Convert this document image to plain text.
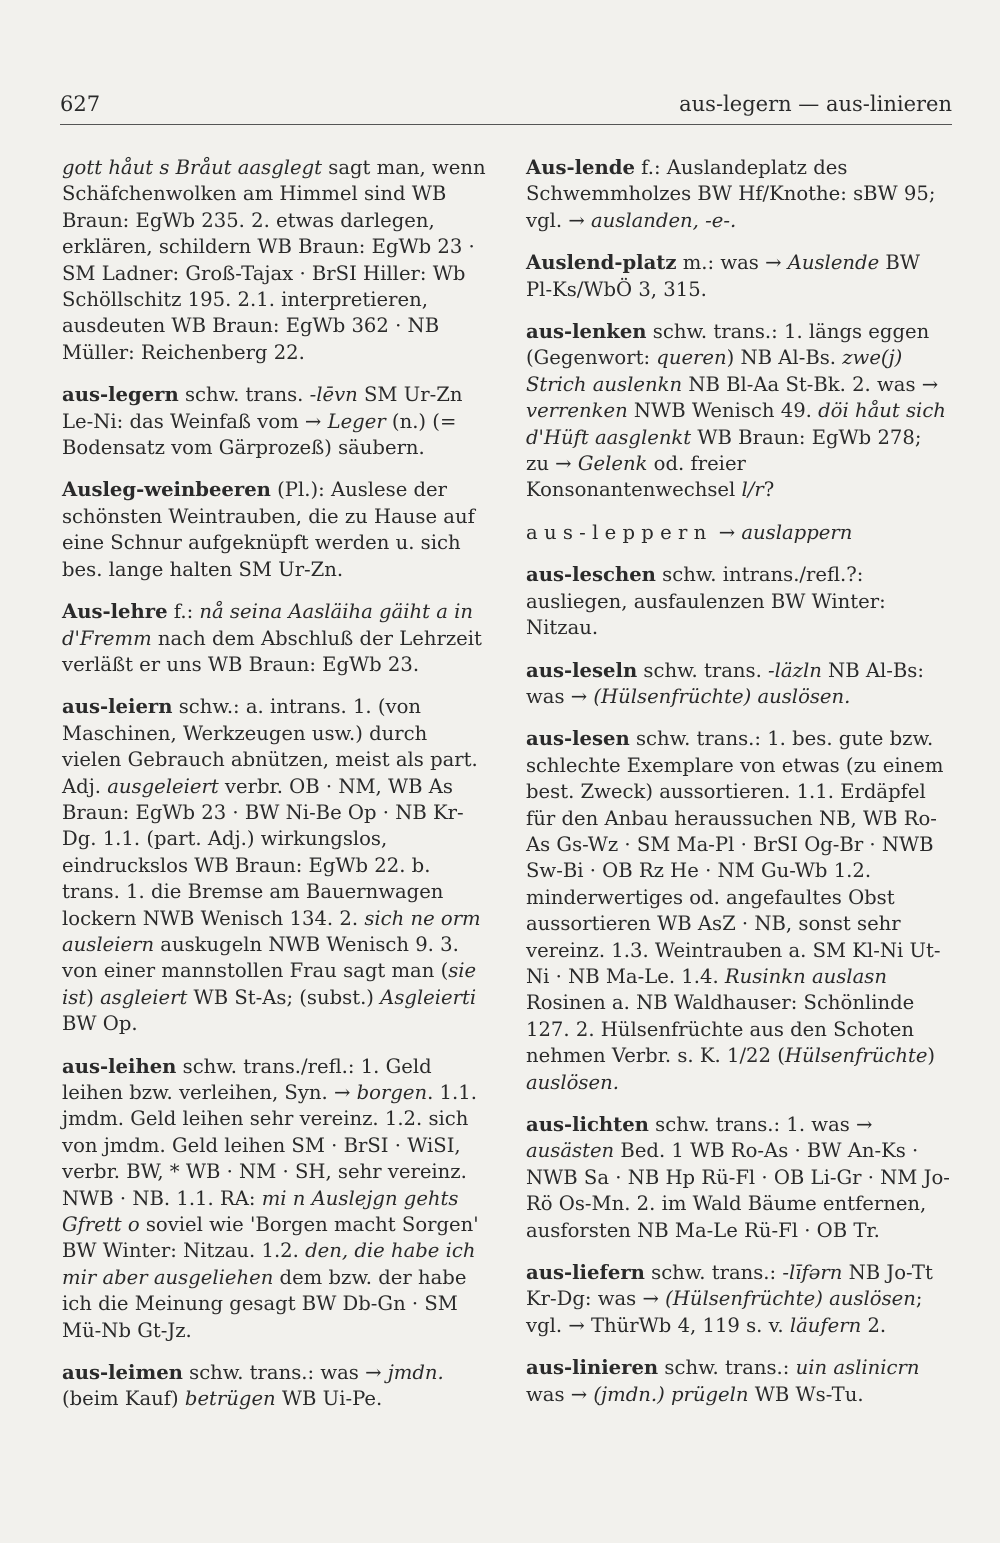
627	aus-legern — aus-linieren

gott håut s Bråut aasglegt sagt man, wenn Schäfchenwolken am Himmel sind WB Braun: EgWb 235. 2. etwas darlegen, erklären, schildern WB Braun: EgWb 23 · SM Ladner: Groß-Tajax · BrSI Hiller: Wb Schöllschitz 195. 2.1. interpretieren, ausdeuten WB Braun: EgWb 362 · NB Müller: Reichenberg 22.

aus-legern schw. trans. -lēvn SM Ur-Zn Le-Ni: das Weinfaß vom → Leger (n.) (= Bodensatz vom Gärprozeß) säubern.

Ausleg-weinbeeren (Pl.): Auslese der schönsten Weintrauben, die zu Hause auf eine Schnur aufgeknüpft werden u. sich bes. lange halten SM Ur-Zn.

Aus-lehre f.: nå seina Aasläiha gäiht a in d'Fremm nach dem Abschluß der Lehrzeit verläßt er uns WB Braun: EgWb 23.

aus-leiern schw.: a. intrans. 1. (von Maschinen, Werkzeugen usw.) durch vielen Gebrauch abnützen, meist als part. Adj. ausgeleiert verbr. OB · NM, WB As Braun: EgWb 23 · BW Ni-Be Op · NB Kr-Dg. 1.1. (part. Adj.) wirkungslos, eindruckslos WB Braun: EgWb 22. b. trans. 1. die Bremse am Bauernwagen lockern NWB Wenisch 134. 2. sich ne orm ausleiern auskugeln NWB Wenisch 9. 3. von einer mannstollen Frau sagt man (sie ist) asgleiert WB St-As; (subst.) Asgleierti BW Op.

aus-leihen schw. trans./refl.: 1. Geld leihen bzw. verleihen, Syn. → borgen. 1.1. jmdm. Geld leihen sehr vereinz. 1.2. sich von jmdm. Geld leihen SM · BrSI · WiSI, verbr. BW, * WB · NM · SH, sehr vereinz. NWB · NB. 1.1. RA: mi n Auslejgn gehts Gfrett o soviel wie 'Borgen macht Sorgen' BW Winter: Nitzau. 1.2. den, die habe ich mir aber ausgeliehen dem bzw. der habe ich die Meinung gesagt BW Db-Gn · SM Mü-Nb Gt-Jz.

aus-leimen schw. trans.: was → jmdn. (beim Kauf) betrügen WB Ui-Pe.

Aus-lende f.: Auslandeplatz des Schwemmholzes BW Hf/Knothe: sBW 95; vgl. → auslanden, -e-.

Auslend-platz m.: was → Auslende BW Pl-Ks/WbÖ 3, 315.

aus-lenken schw. trans.: 1. längs eggen (Gegenwort: queren) NB Al-Bs. zwe(j) Strich auslenkn NB Bl-Aa St-Bk. 2. was → verrenken NWB Wenisch 49. döi håut sich d'Hüft aasglenkt WB Braun: EgWb 278; zu → Gelenk od. freier Konsonantenwechsel l/r?

aus-leppern → auslappern

aus-leschen schw. intrans./refl.?: ausliegen, ausfaulenzen BW Winter: Nitzau.

aus-leseln schw. trans. -läzln NB Al-Bs: was → (Hülsenfrüchte) auslösen.

aus-lesen schw. trans.: 1. bes. gute bzw. schlechte Exemplare von etwas (zu einem best. Zweck) aussortieren. 1.1. Erdäpfel für den Anbau heraussuchen NB, WB Ro-As Gs-Wz · SM Ma-Pl · BrSI Og-Br · NWB Sw-Bi · OB Rz He · NM Gu-Wb 1.2. minderwertiges od. angefaultes Obst aussortieren WB AsZ · NB, sonst sehr vereinz. 1.3. Weintrauben a. SM Kl-Ni Ut-Ni · NB Ma-Le. 1.4. Rusinkn auslasn Rosinen a. NB Waldhauser: Schönlinde 127. 2. Hülsenfrüchte aus den Schoten nehmen Verbr. s. K. 1/22 (Hülsenfrüchte) auslösen.

aus-lichten schw. trans.: 1. was → ausästen Bed. 1 WB Ro-As · BW An-Ks · NWB Sa · NB Hp Rü-Fl · OB Li-Gr · NM Jo-Rö Os-Mn. 2. im Wald Bäume entfernen, ausforsten NB Ma-Le Rü-Fl · OB Tr.

aus-liefern schw. trans.: -līfərn NB Jo-Tt Kr-Dg: was → (Hülsenfrüchte) auslösen; vgl. → ThürWb 4, 119 s. v. läufern 2.

aus-linieren schw. trans.: uin aslinicrn was → (jmdn.) prügeln WB Ws-Tu.
